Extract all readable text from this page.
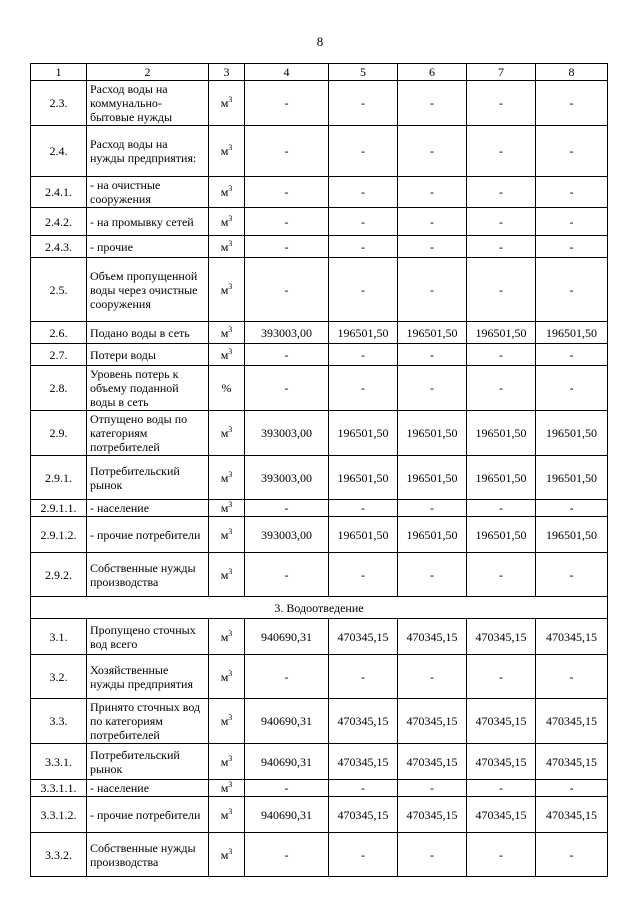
8
1	2	3	4	5	6	7	8
2.3.	Расход воды на коммунально-бытовые нужды	$м^3$	-	-	-	-	-
2.4.	Расход воды на нужды предприятия:	$м^3$	-	-	-	-	-
2.4.1.	- на очистные сооружения	$м^3$	-	-	-	-	-
2.4.2.	- на промывку сетей	$м^3$	-	-	-	-	-
2.4.3.	- прочие	$м^3$	-	-	-	-	-
2.5.	Объем пропущенной воды через очистные сооружения	$м^3$	-	-	-	-	-
2.6.	Подано воды в сеть	$м^3$	393003,00	196501,50	196501,50	196501,50	196501,50
2.7.	Потери воды	$м^3$	-	-	-	-	-
2.8.	Уровень потерь к объему поданной воды в сеть	%	-	-	-	-	-
2.9.	Отпущено воды по категориям потребителей	$м^3$	393003,00	196501,50	196501,50	196501,50	196501,50
2.9.1.	Потребительский рынок	$м^3$	393003,00	196501,50	196501,50	196501,50	196501,50
2.9.1.1.	- население	$м^3$	-	-	-	-	-
2.9.1.2.	- прочие потребители	$м^3$	393003,00	196501,50	196501,50	196501,50	196501,50
2.9.2.	Собственные нужды производства	$м^3$	-	-	-	-	-
3. Водоотведение							
3.1.	Пропущено сточных вод всего	$м^3$	940690,31	470345,15	470345,15	470345,15	470345,15
3.2.	Хозяйственные нужды предприятия	$м^3$	-	-	-	-	-
3.3.	Принято сточных вод по категориям потребителей	$м^3$	940690,31	470345,15	470345,15	470345,15	470345,15
3.3.1.	Потребительский рынок	$м^3$	940690,31	470345,15	470345,15	470345,15	470345,15
3.3.1.1.	- население	$м^3$	-	-	-	-	-
3.3.1.2.	- прочие потребители	$м^3$	940690,31	470345,15	470345,15	470345,15	470345,15
3.3.2.	Собственные нужды производства	$м^3$	-	-	-	-	-
